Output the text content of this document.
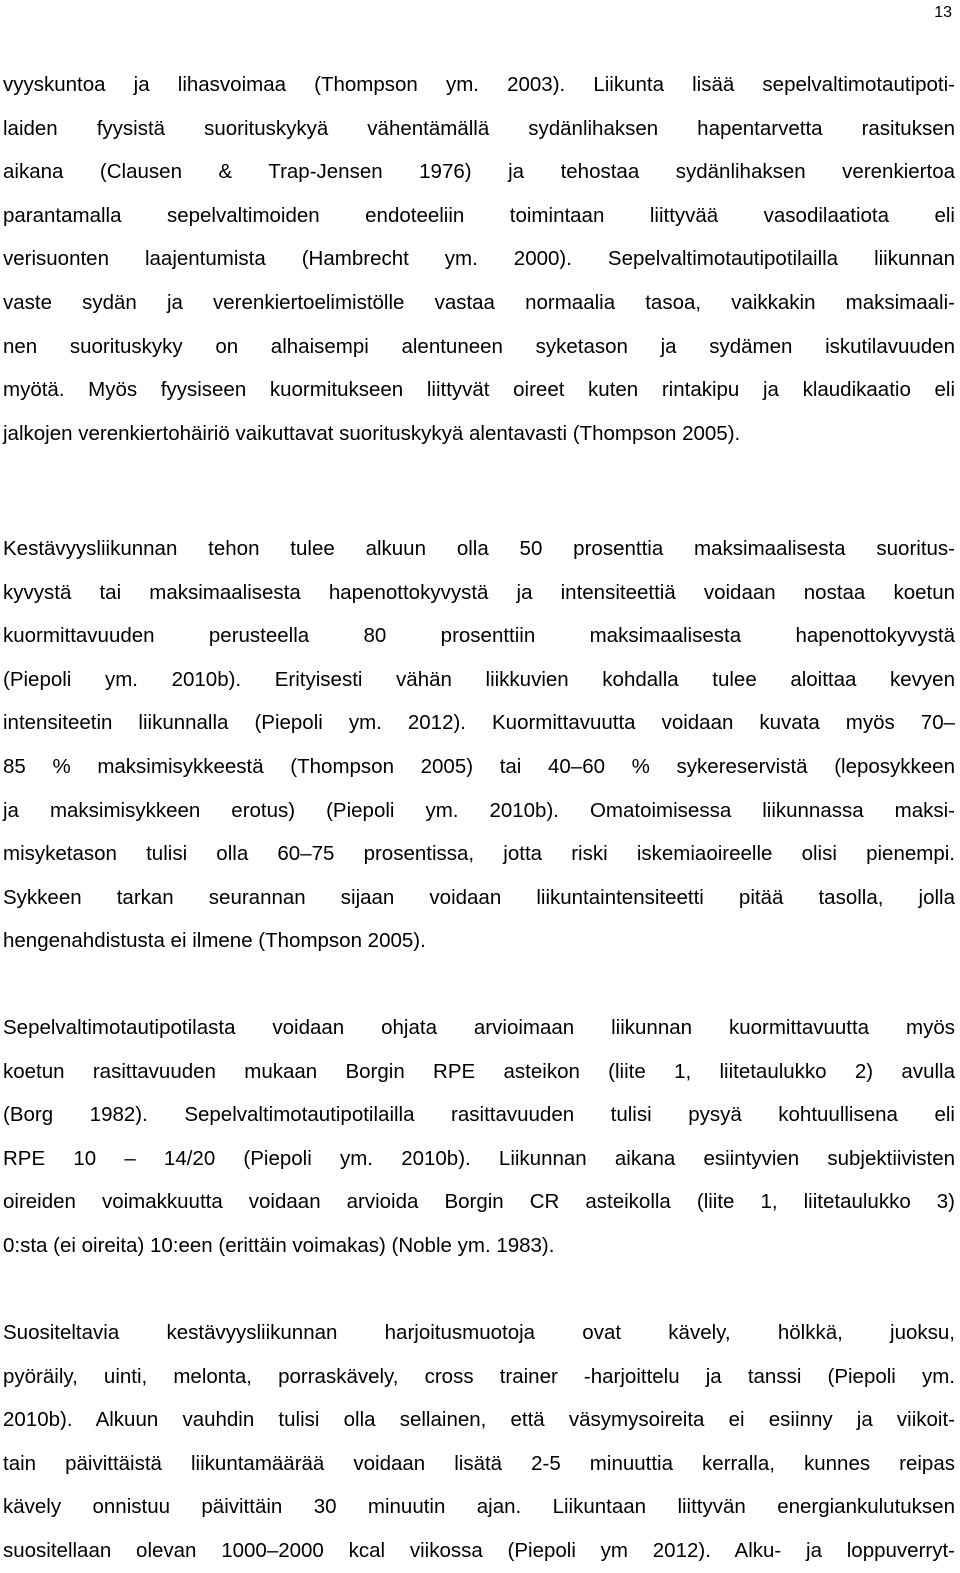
13
vyyskuntoa ja lihasvoimaa (Thompson ym. 2003). Liikunta lisää sepelvaltimotautipoti-
laiden fyysistä suorituskykyä vähentämällä sydänlihaksen hapentarvetta rasituksen
aikana (Clausen & Trap-Jensen 1976) ja tehostaa sydänlihaksen verenkiertoa
parantamalla sepelvaltimoiden endoteeliin toimintaan liittyvää vasodilaatiota eli
verisuonten laajentumista (Hambrecht ym. 2000). Sepelvaltimotautipotilailla liikunnan
vaste sydän ja verenkiertoelimistölle vastaa normaalia tasoa, vaikkakin maksimaali-
nen suorituskyky on alhaisempi alentuneen syketason ja sydämen iskutilavuuden
myötä. Myös fyysiseen kuormitukseen liittyvät oireet kuten rintakipu ja klaudikaatio eli
jalkojen verenkiertohäiriö vaikuttavat suorituskykyä alentavasti (Thompson 2005).
Kestävyysliikunnan tehon tulee alkuun olla 50 prosenttia maksimaalisesta suoritus-
kyvystä tai maksimaalisesta hapenottokyvystä ja intensiteettiä voidaan nostaa koetun
kuormittavuuden perusteella 80 prosenttiin maksimaalisesta hapenottokyvystä
(Piepoli ym. 2010b). Erityisesti vähän liikkuvien kohdalla tulee aloittaa kevyen
intensiteetin liikunnalla (Piepoli ym. 2012). Kuormittavuutta voidaan kuvata myös 70–
85 % maksimisykkeestä (Thompson 2005) tai 40–60 % sykereservistä (leposykkeen
ja maksimisykkeen erotus) (Piepoli ym. 2010b). Omatoimisessa liikunnassa maksi-
misyketason tulisi olla 60–75 prosentissa, jotta riski iskemiaoireelle olisi pienempi.
Sykkeen tarkan seurannan sijaan voidaan liikuntaintensiteetti pitää tasolla, jolla
hengenahdistusta ei ilmene (Thompson 2005).
Sepelvaltimotautipotilasta voidaan ohjata arvioimaan liikunnan kuormittavuutta myös
koetun rasittavuuden mukaan Borgin RPE asteikon (liite 1, liitetaulukko 2) avulla
(Borg 1982). Sepelvaltimotautipotilailla rasittavuuden tulisi pysyä kohtuullisena eli
RPE 10 – 14/20 (Piepoli ym. 2010b). Liikunnan aikana esiintyvien subjektiivisten
oireiden voimakkuutta voidaan arvioida Borgin CR asteikolla (liite 1, liitetaulukko 3)
0:sta (ei oireita) 10:een (erittäin voimakas) (Noble ym. 1983).
Suositeltavia kestävyysliikunnan harjoitusmuotoja ovat kävely, hölkkä, juoksu,
pyöräily, uinti, melonta, porraskävely, cross trainer -harjoittelu ja tanssi (Piepoli ym.
2010b). Alkuun vauhdin tulisi olla sellainen, että väsymysoireita ei esiinny ja viikoit-
tain päivittäistä liikuntamäärää voidaan lisätä 2-5 minuuttia kerralla, kunnes reipas
kävely onnistuu päivittäin 30 minuutin ajan. Liikuntaan liittyvän energiankulutuksen
suositellaan olevan 1000–2000 kcal viikossa (Piepoli ym 2012). Alku- ja loppuverryt-
